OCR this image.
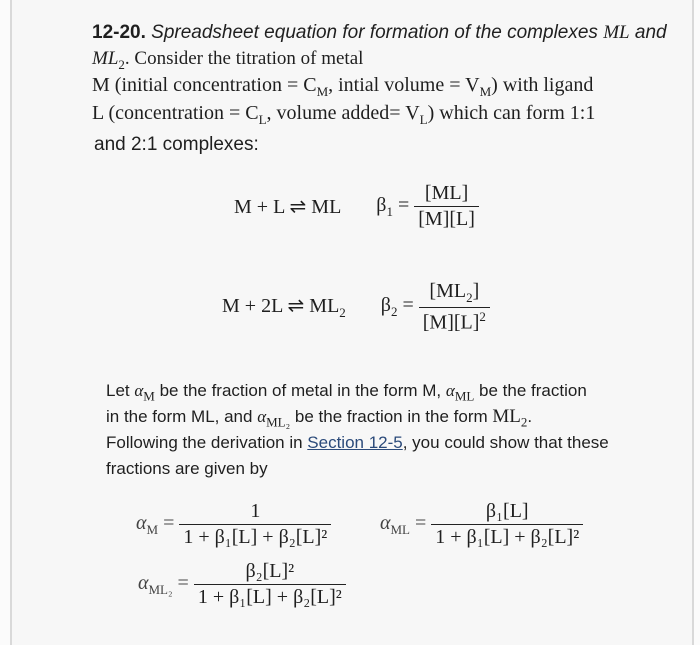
12-20. Spreadsheet equation for formation of the complexes ML and
$ML_2$. Consider the titration of metal
M (initial concentration = $C_M$, intial volume = $V_M$) with ligand
L (concentration = $C_L$, volume added= $V_L$) which can form 1:1
and 2:1 complexes:
M + L ⇌ ML $\beta_1 = \frac{[ML]}{[M][L]}$
M + 2L ⇌ $ML_2$ $\beta_2 = \frac{[ML_2]}{[M][L]^2}$
Let $\alpha_M$ be the fraction of metal in the form M, $\alpha_{ML}$ be the fraction
in the form ML, and $\alpha_{ML_2}$ be the fraction in the form $ML_2$.
Following the derivation in Section 12-5, you could show that these
fractions are given by
$\alpha_M = \frac{1}{\text{1 + β₁[L] + β₂[L]²}} \alpha_{ML} = \frac{\text{β₁[L]}}{\text{1 + β₁[L] + β₂[L]²}}$
$\alpha_{ML_2} = \frac{\text{β₂[L]²}}{\text{1 + β₁[L] + β₂[L]²}}$
